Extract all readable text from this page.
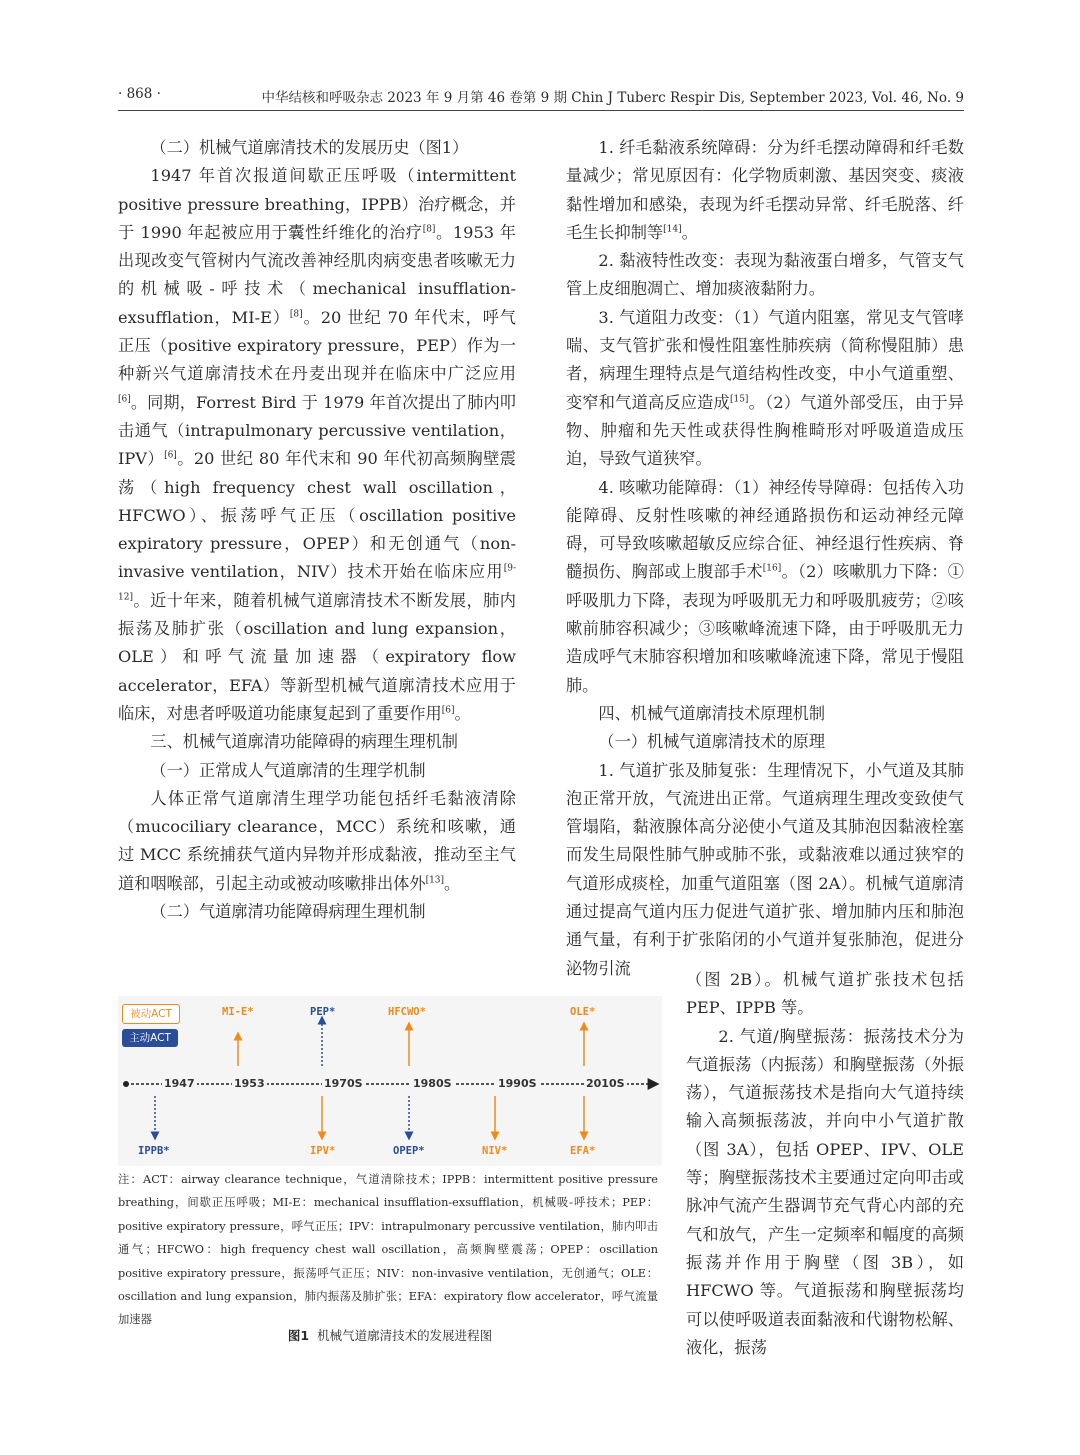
· 868 ·	中华结核和呼吸杂志 2023 年 9 月第 46 卷第 9 期 Chin J Tuberc Respir Dis, September 2023, Vol. 46, No. 9

（二）机械气道廓清技术的发展历史（图1）

1947 年首次报道间歇正压呼吸（intermittent positive pressure breathing，IPPB）治疗概念，并于 1990 年起被应用于囊性纤维化的治疗[8]。1953 年出现改变气管树内气流改善神经肌肉病变患者咳嗽无力的机械吸-呼技术（mechanical insufflation-exsufflation，MI-E）[8]。20 世纪 70 年代末，呼气正压（positive expiratory pressure，PEP）作为一种新兴气道廓清技术在丹麦出现并在临床中广泛应用[6]。同期，Forrest Bird 于 1979 年首次提出了肺内叩击通气（intrapulmonary percussive ventilation，IPV）[6]。20 世纪 80 年代末和 90 年代初高频胸壁震荡（high frequency chest wall oscillation，HFCWO）、振荡呼气正压（oscillation positive expiratory pressure，OPEP）和无创通气（non-invasive ventilation，NIV）技术开始在临床应用[9-12]。近十年来，随着机械气道廓清技术不断发展，肺内振荡及肺扩张（oscillation and lung expansion，OLE）和呼气流量加速器（expiratory flow accelerator，EFA）等新型机械气道廓清技术应用于临床，对患者呼吸道功能康复起到了重要作用[6]。

三、机械气道廓清功能障碍的病理生理机制

（一）正常成人气道廓清的生理学机制

人体正常气道廓清生理学功能包括纤毛黏液清除（mucociliary clearance，MCC）系统和咳嗽，通过 MCC 系统捕获气道内异物并形成黏液，推动至主气道和咽喉部，引起主动或被动咳嗽排出体外[13]。

（二）气道廓清功能障碍病理生理机制

1. 纤毛黏液系统障碍：分为纤毛摆动障碍和纤毛数量减少；常见原因有：化学物质刺激、基因突变、痰液黏性增加和感染，表现为纤毛摆动异常、纤毛脱落、纤毛生长抑制等[14]。

2. 黏液特性改变：表现为黏液蛋白增多，气管支气管上皮细胞凋亡、增加痰液黏附力。

3. 气道阻力改变：（1）气道内阻塞，常见支气管哮喘、支气管扩张和慢性阻塞性肺疾病（简称慢阻肺）患者，病理生理特点是气道结构性改变，中小气道重塑、变窄和气道高反应造成[15]。（2）气道外部受压，由于异物、肿瘤和先天性或获得性胸椎畸形对呼吸道造成压迫，导致气道狭窄。

4. 咳嗽功能障碍：（1）神经传导障碍：包括传入功能障碍、反射性咳嗽的神经通路损伤和运动神经元障碍，可导致咳嗽超敏反应综合征、神经退行性疾病、脊髓损伤、胸部或上腹部手术[16]。（2）咳嗽肌力下降：①呼吸肌力下降，表现为呼吸肌无力和呼吸肌疲劳；②咳嗽前肺容积减少；③咳嗽峰流速下降，由于呼吸肌无力造成呼气末肺容积增加和咳嗽峰流速下降，常见于慢阻肺。

四、机械气道廓清技术原理机制

（一）机械气道廓清技术的原理

1. 气道扩张及肺复张：生理情况下，小气道及其肺泡正常开放，气流进出正常。气道病理生理改变致使气管塌陷，黏液腺体高分泌使小气道及其肺泡因黏液栓塞而发生局限性肺气肿或肺不张，或黏液难以通过狭窄的气道形成痰栓，加重气道阻塞（图 2A）。机械气道廓清通过提高气道内压力促进气道扩张、增加肺内压和肺泡通气量，有利于扩张陷闭的小气道并复张肺泡，促进分泌物引流

（图 2B）。机械气道扩张技术包括 PEP、IPPB 等。

2. 气道/胸壁振荡：振荡技术分为气道振荡（内振荡）和胸壁振荡（外振荡），气道振荡技术是指向大气道持续输入高频振荡波，并向中小气道扩散（图 3A），包括 OPEP、IPV、OLE 等；胸壁振荡技术主要通过定向叩击或脉冲气流产生器调节充气背心内部的充气和放气，产生一定频率和幅度的高频振荡并作用于胸壁（图 3B），如 HFCWO 等。气道振荡和胸壁振荡均可以使呼吸道表面黏液和代谢物松解、液化，振荡

被动ACT
主动ACT
1947	1953	1970S	1980S	1990S	2010S
MI-E*	PEP*	HFCWO*	OLE*
IPPB*	IPV*	OPEP*	NIV*	EFA*
注：ACT：airway clearance technique，气道清除技术；IPPB：intermittent positive pressure breathing，间歇正压呼吸；MI-E：mechanical insufflation-exsufflation，机械吸-呼技术；PEP：positive expiratory pressure，呼气正压；IPV：intrapulmonary percussive ventilation，肺内叩击通气；HFCWO：high frequency chest wall oscillation，高频胸壁震荡；OPEP：oscillation positive expiratory pressure，振荡呼气正压；NIV：non-invasive ventilation，无创通气；OLE：oscillation and lung expansion，肺内振荡及肺扩张；EFA：expiratory flow accelerator，呼气流量加速器
图1 机械气道廓清技术的发展进程图
